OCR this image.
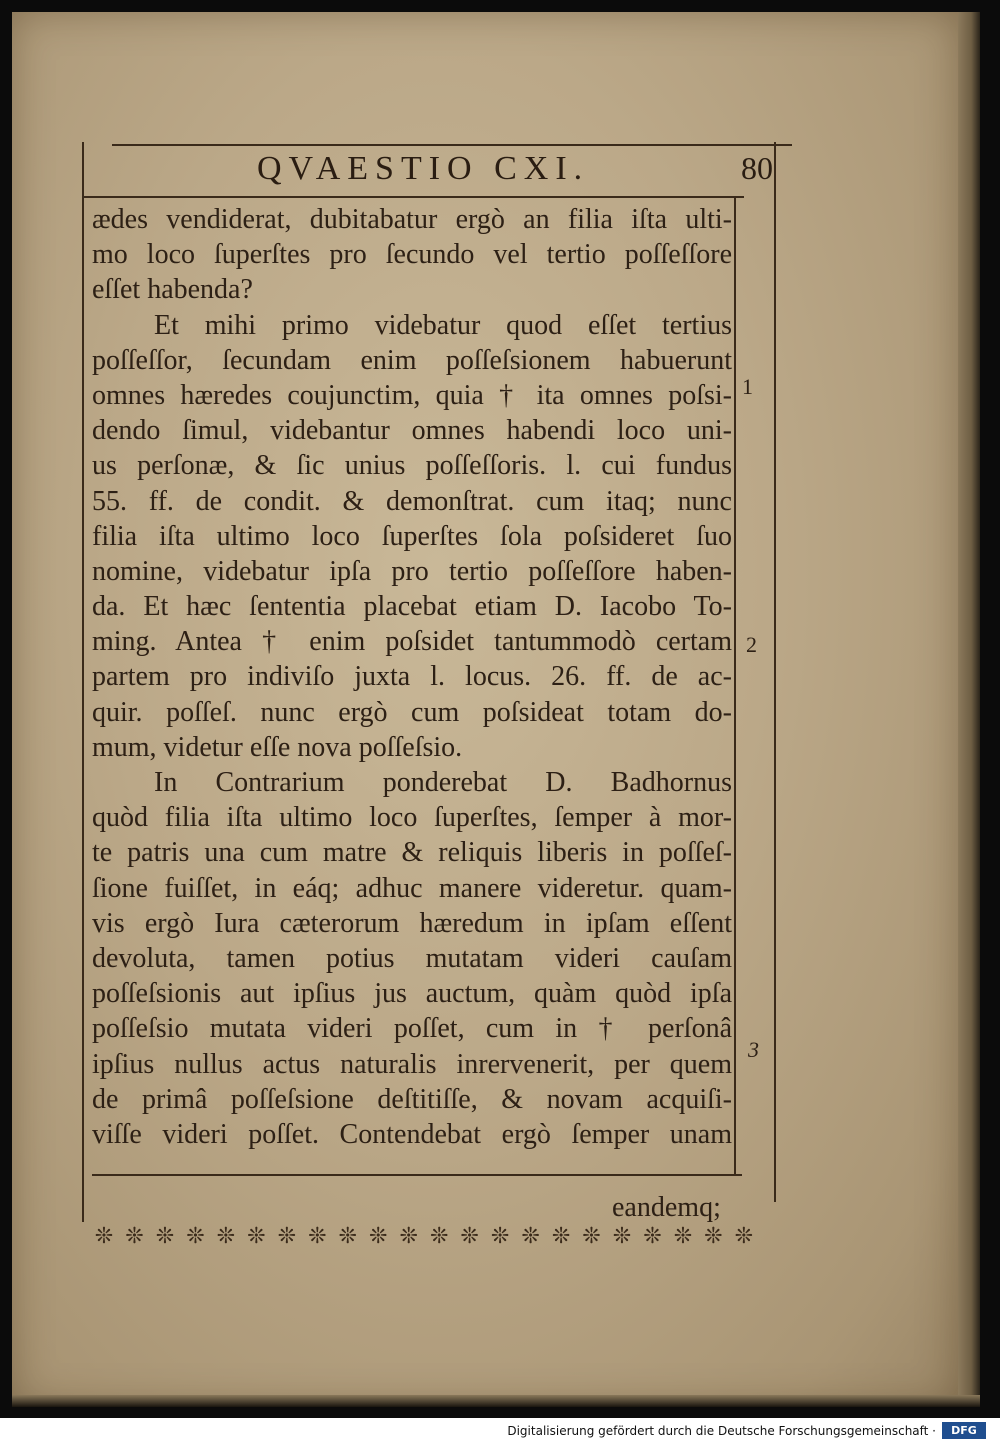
QVAESTIO CXI.	80
ædes vendiderat, dubitabatur ergò an filia iſta ulti-
mo loco ſuperſtes pro ſecundo vel tertio poſſeſſore
eſſet habenda?
Et mihi primo videbatur quod eſſet tertius
poſſeſſor, ſecundam enim poſſeſsionem habuerunt
omnes hæredes coujunctim, quia † ita omnes poſsi-
dendo ſimul, videbantur omnes habendi loco uni-
us perſonæ, & ſic unius poſſeſſoris. l. cui fundus
55. ff. de condit. & demonſtrat. cum itaq; nunc
filia iſta ultimo loco ſuperſtes ſola poſsideret ſuo
nomine, videbatur ipſa pro tertio poſſeſſore haben-
da. Et hæc ſententia placebat etiam D. Iacobo To-
ming. Antea † enim poſsidet tantummodò certam
partem pro indiviſo juxta l. locus. 26. ff. de ac-
quir. poſſeſ. nunc ergò cum poſsideat totam do-
mum, videtur eſſe nova poſſeſsio.
In Contrarium ponderebat D. Badhornus
quòd filia iſta ultimo loco ſuperſtes, ſemper à mor-
te patris una cum matre & reliquis liberis in poſſeſ-
ſione fuiſſet, in eáq; adhuc manere videretur. quam-
vis ergò Iura cæterorum hæredum in ipſam eſſent
devoluta, tamen potius mutatam videri cauſam
poſſeſsionis aut ipſius jus auctum, quàm quòd ipſa
poſſeſsio mutata videri poſſet, cum in † perſonâ
ipſius nullus actus naturalis inrervenerit, per quem
de primâ poſſeſsione deſtitiſſe, & novam acquiſi-
viſſe videri poſſet. Contendebat ergò ſemper unam
1
2
3
eandemq;
❊ ❊ ❊ ❊ ❊ ❊ ❊ ❊ ❊ ❊ ❊ ❊ ❊ ❊ ❊ ❊ ❊ ❊ ❊ ❊ ❊ ❊
Digitalisierung gefördert durch die Deutsche Forschungsgemeinschaft ·	DFG
